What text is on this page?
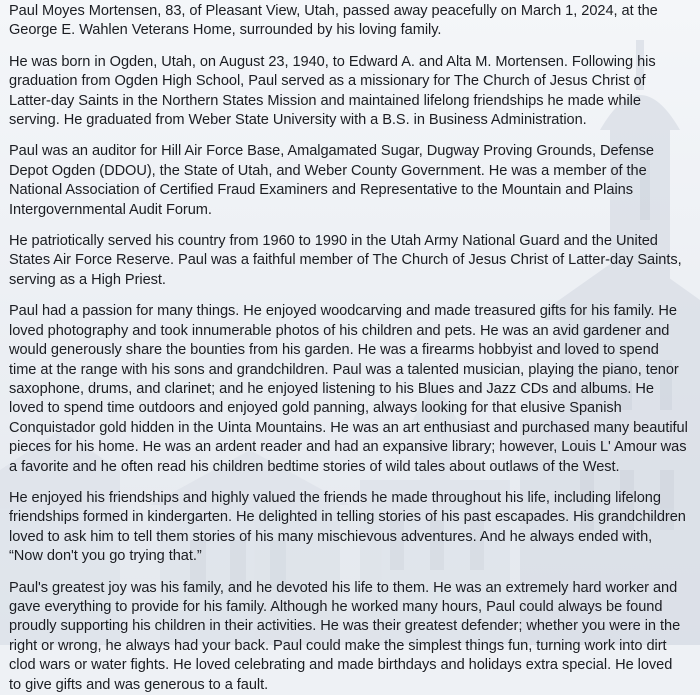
Paul Moyes Mortensen, 83, of Pleasant View, Utah, passed away peacefully on March 1, 2024, at the George E. Wahlen Veterans Home, surrounded by his loving family.

He was born in Ogden, Utah, on August 23, 1940, to Edward A. and Alta M. Mortensen. Following his graduation from Ogden High School, Paul served as a missionary for The Church of Jesus Christ of Latter-day Saints in the Northern States Mission and maintained lifelong friendships he made while serving. He graduated from Weber State University with a B.S. in Business Administration.

Paul was an auditor for Hill Air Force Base, Amalgamated Sugar, Dugway Proving Grounds, Defense Depot Ogden (DDOU), the State of Utah, and Weber County Government. He was a member of the National Association of Certified Fraud Examiners and Representative to the Mountain and Plains Intergovernmental Audit Forum.

He patriotically served his country from 1960 to 1990 in the Utah Army National Guard and the United States Air Force Reserve. Paul was a faithful member of The Church of Jesus Christ of Latter-day Saints, serving as a High Priest.

Paul had a passion for many things. He enjoyed woodcarving and made treasured gifts for his family. He loved photography and took innumerable photos of his children and pets. He was an avid gardener and would generously share the bounties from his garden. He was a firearms hobbyist and loved to spend time at the range with his sons and grandchildren. Paul was a talented musician, playing the piano, tenor saxophone, drums, and clarinet; and he enjoyed listening to his Blues and Jazz CDs and albums. He loved to spend time outdoors and enjoyed gold panning, always looking for that elusive Spanish Conquistador gold hidden in the Uinta Mountains. He was an art enthusiast and purchased many beautiful pieces for his home. He was an ardent reader and had an expansive library; however, Louis L' Amour was a favorite and he often read his children bedtime stories of wild tales about outlaws of the West.

He enjoyed his friendships and highly valued the friends he made throughout his life, including lifelong friendships formed in kindergarten. He delighted in telling stories of his past escapades. His grandchildren loved to ask him to tell them stories of his many mischievous adventures. And he always ended with, “Now don't you go trying that.”

Paul's greatest joy was his family, and he devoted his life to them. He was an extremely hard worker and gave everything to provide for his family. Although he worked many hours, Paul could always be found proudly supporting his children in their activities. He was their greatest defender; whether you were in the right or wrong, he always had your back. Paul could make the simplest things fun, turning work into dirt clod wars or water fights. He loved celebrating and made birthdays and holidays extra special. He loved to give gifts and was generous to a fault.
